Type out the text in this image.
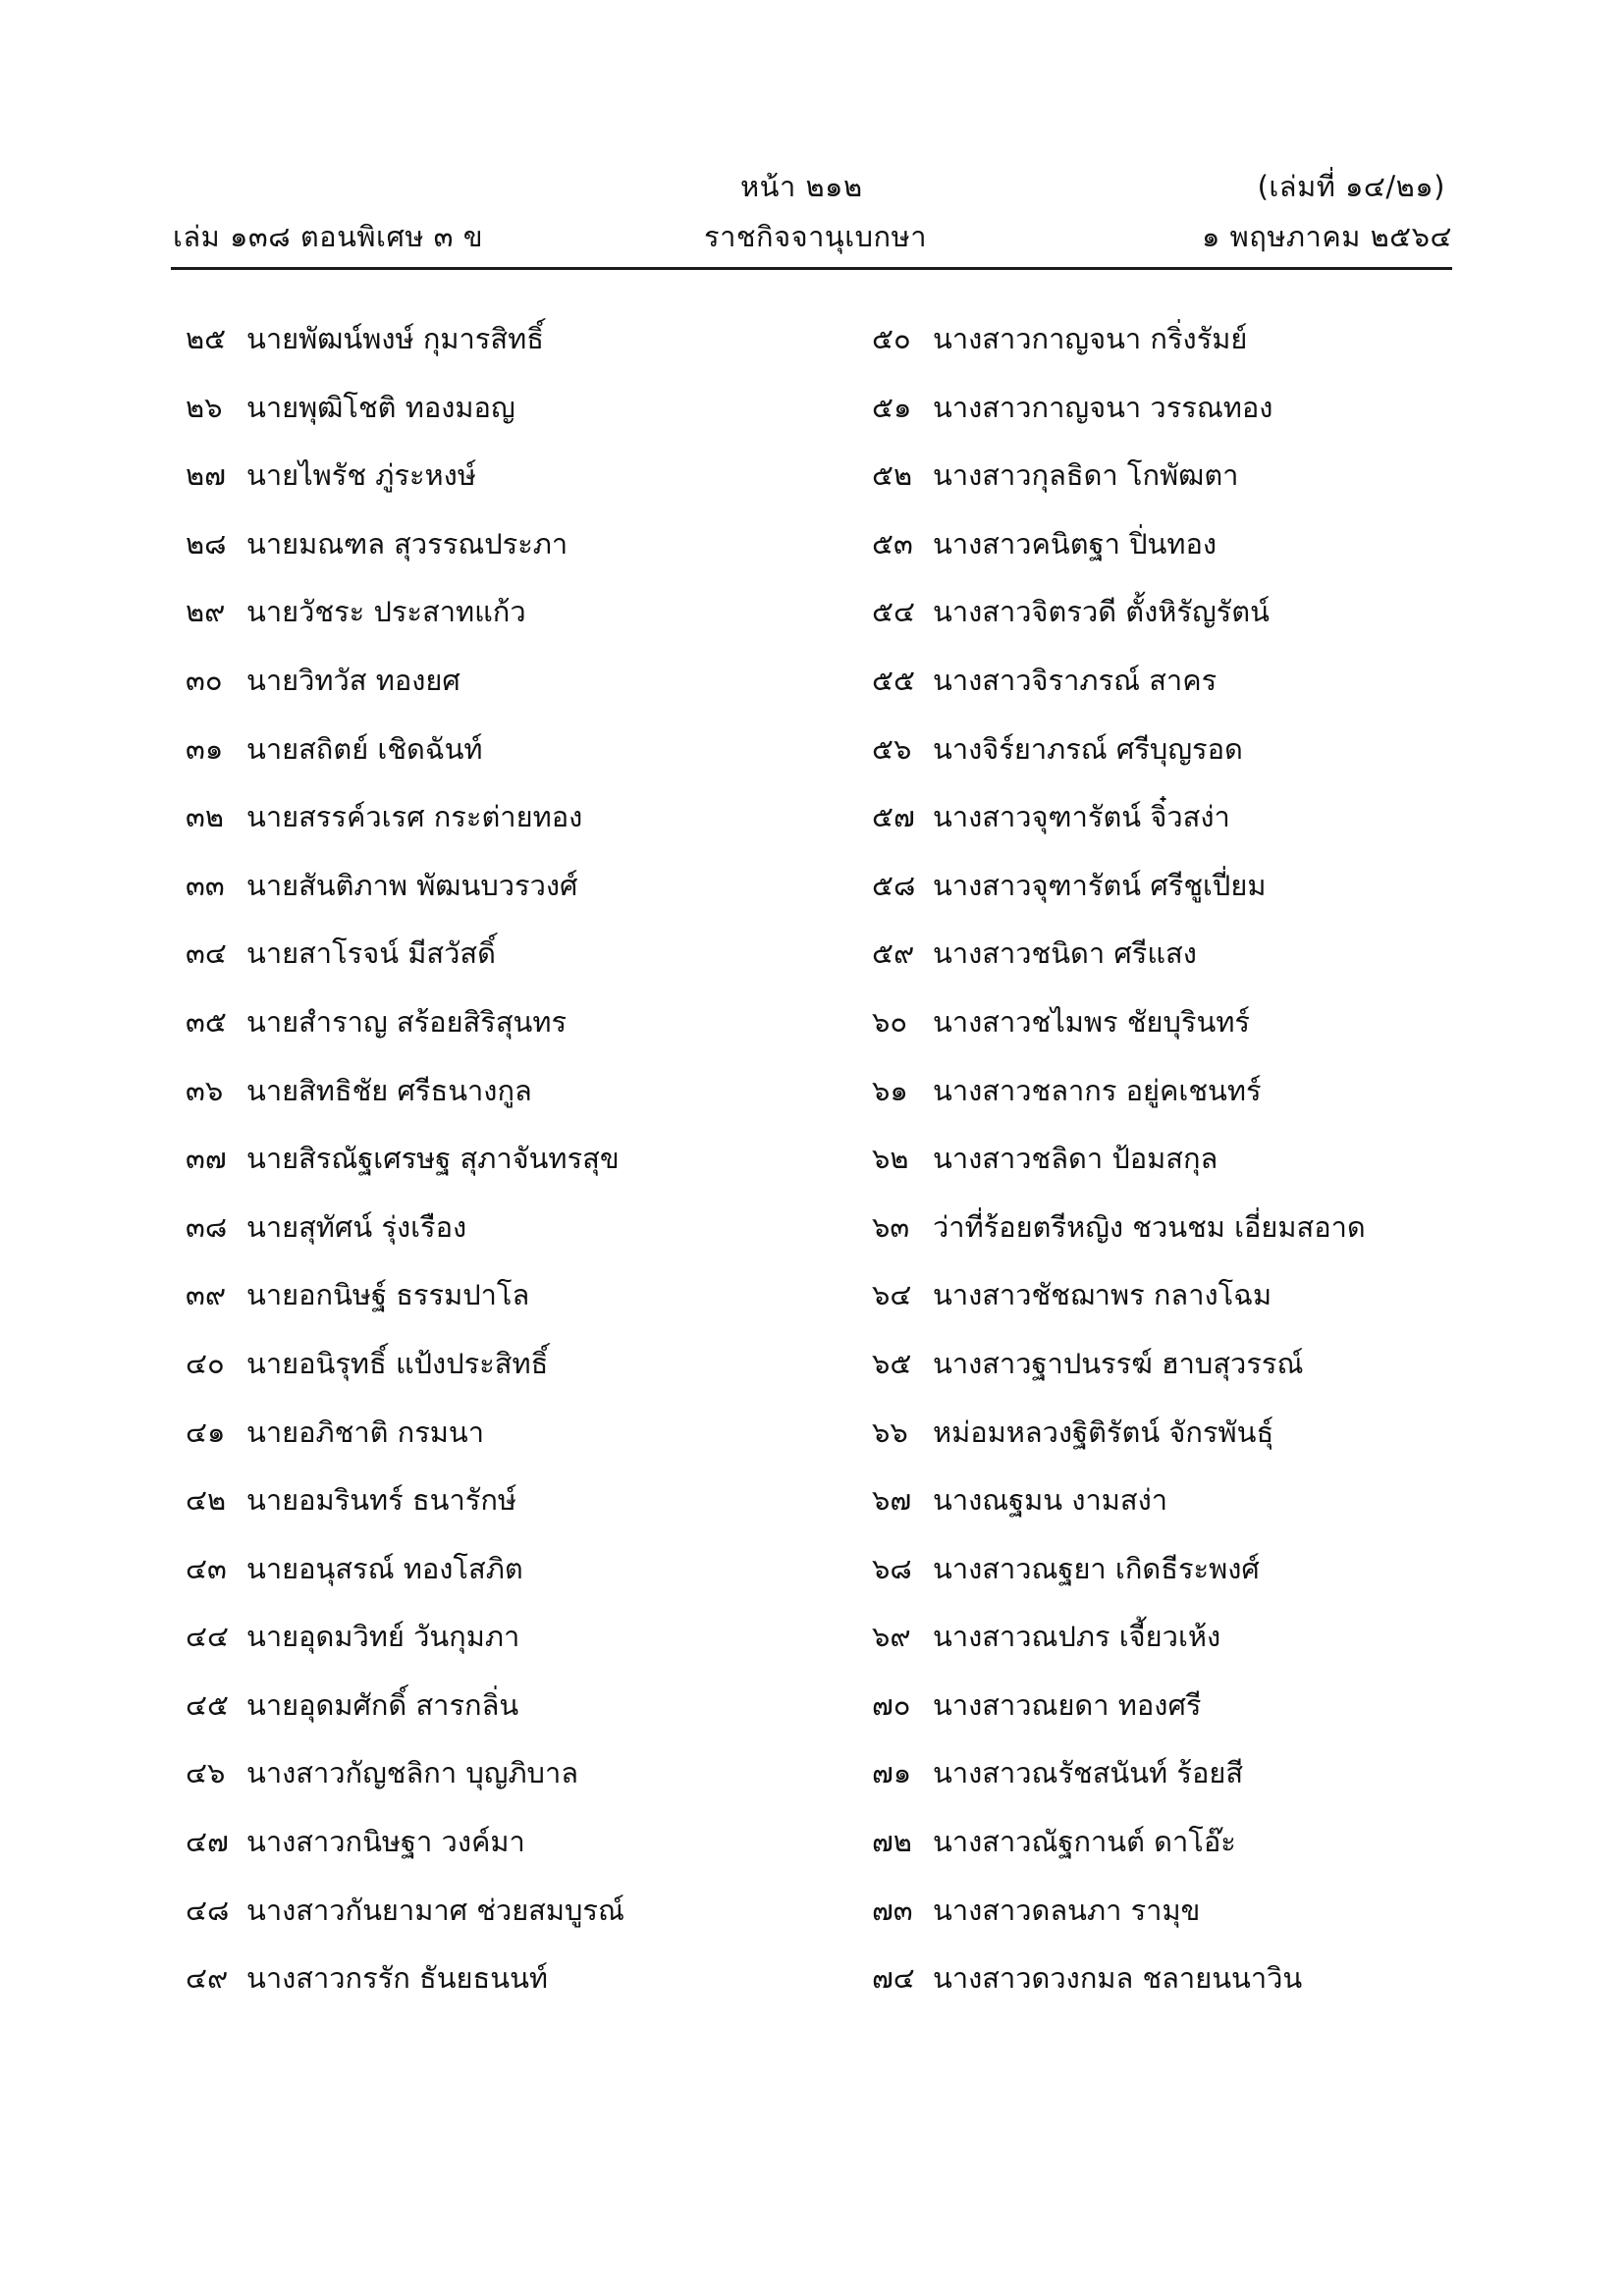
หน้า ๒๑๒	(เล่มที่ ๑๔/๒๑)
เล่ม ๑๓๘ ตอนพิเศษ ๓ ข	ราชกิจจานุเบกษา	๑ พฤษภาคม ๒๕๖๔
๒๕ นายพัฒน์พงษ์ กุมารสิทธิ์
๒๖ นายพุฒิโชติ ทองมอญ
๒๗ นายไพรัช ภู่ระหงษ์
๒๘ นายมณฑล สุวรรณประภา
๒๙ นายวัชระ ประสาทแก้ว
๓๐ นายวิทวัส ทองยศ
๓๑ นายสถิตย์ เชิดฉันท์
๓๒ นายสรรค์วเรศ กระต่ายทอง
๓๓ นายสันติภาพ พัฒนบวรวงศ์
๓๔ นายสาโรจน์ มีสวัสดิ์
๓๕ นายสำราญ สร้อยสิริสุนทร
๓๖ นายสิทธิชัย ศรีธนางกูล
๓๗ นายสิรณัฐเศรษฐ สุภาจันทรสุข
๓๘ นายสุทัศน์ รุ่งเรือง
๓๙ นายอกนิษฐ์ ธรรมปาโล
๔๐ นายอนิรุทธิ์ แป้งประสิทธิ์
๔๑ นายอภิชาติ กรมนา
๔๒ นายอมรินทร์ ธนารักษ์
๔๓ นายอนุสรณ์ ทองโสภิต
๔๔ นายอุดมวิทย์ วันกุมภา
๔๕ นายอุดมศักดิ์ สารกลิ่น
๔๖ นางสาวกัญชลิกา บุญภิบาล
๔๗ นางสาวกนิษฐา วงค์มา
๔๘ นางสาวกันยามาศ ช่วยสมบูรณ์
๔๙ นางสาวกรรัก ธันยธนนท์
๕๐ นางสาวกาญจนา กริ่งรัมย์
๕๑ นางสาวกาญจนา วรรณทอง
๕๒ นางสาวกุลธิดา โกพัฒตา
๕๓ นางสาวคนิตฐา ปิ่นทอง
๕๔ นางสาวจิตรวดี ตั้งหิรัญรัตน์
๕๕ นางสาวจิราภรณ์ สาคร
๕๖ นางจิร์ยาภรณ์ ศรีบุญรอด
๕๗ นางสาวจุฑารัตน์ จิ๋วสง่า
๕๘ นางสาวจุฑารัตน์ ศรีชูเปี่ยม
๕๙ นางสาวชนิดา ศรีแสง
๖๐ นางสาวชไมพร ชัยบุรินทร์
๖๑ นางสาวชลากร อยู่คเชนทร์
๖๒ นางสาวชลิดา ป้อมสกุล
๖๓ ว่าที่ร้อยตรีหญิง ชวนชม เอี่ยมสอาด
๖๔ นางสาวชัชฌาพร กลางโฉม
๖๕ นางสาวฐาปนรรฆ์ ฮาบสุวรรณ์
๖๖ หม่อมหลวงฐิติรัตน์ จักรพันธุ์
๖๗ นางณฐมน งามสง่า
๖๘ นางสาวณฐยา เกิดธีระพงศ์
๖๙ นางสาวณปภร เจี้ยวเห้ง
๗๐ นางสาวณยดา ทองศรี
๗๑ นางสาวณรัชสนันท์ ร้อยสี
๗๒ นางสาวณัฐกานต์ ดาโอ๊ะ
๗๓ นางสาวดลนภา รามุข
๗๔ นางสาวดวงกมล ชลายนนาวิน
